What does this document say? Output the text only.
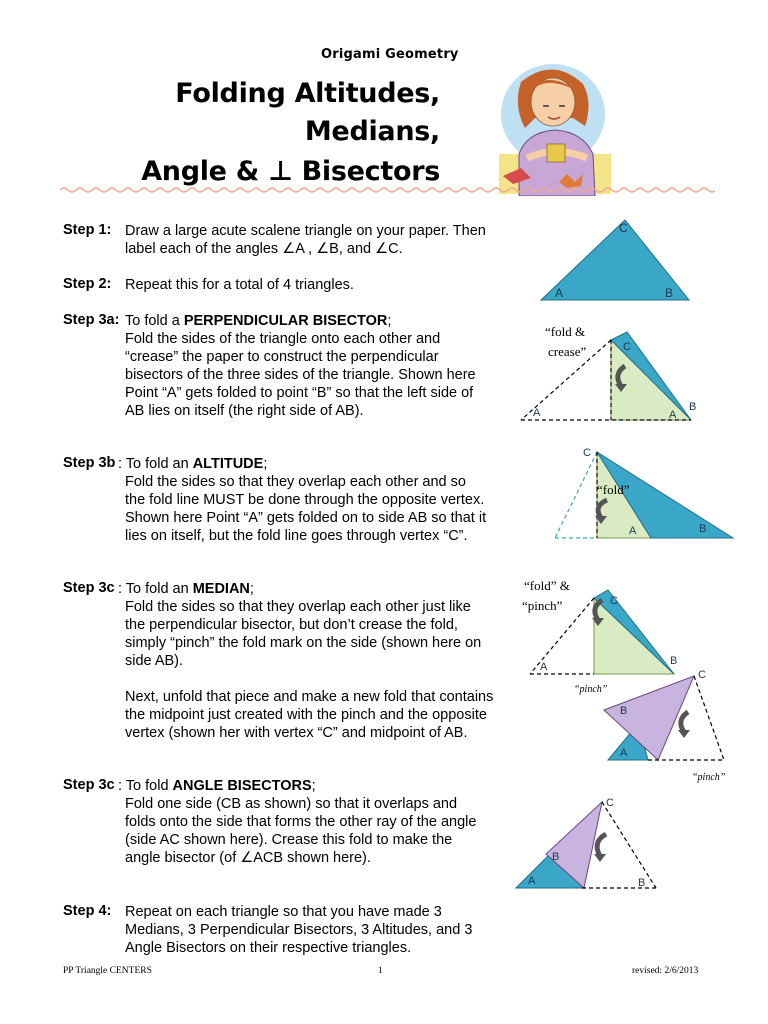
Origami Geometry
Folding Altitudes,
Medians,
Angle & ⊥ Bisectors
Step 1: Draw a large acute scalene triangle on your paper. Then
label each of the angles ∠A , ∠B, and ∠C.
Step 2: Repeat this for a total of 4 triangles.
Step 3a: To fold a PERPENDICULAR BISECTOR;
Fold the sides of the triangle onto each other and
“crease” the paper to construct the perpendicular
bisectors of the three sides of the triangle. Shown here
Point “A” gets folded to point “B” so that the left side of
AB lies on itself (the right side of AB).
Step 3b : To fold an ALTITUDE;
Fold the sides so that they overlap each other and so
the fold line MUST be done through the opposite vertex.
Shown here Point “A” gets folded on to side AB so that it
lies on itself, but the fold line goes through vertex “C”.
Step 3c : To fold an MEDIAN;
Fold the sides so that they overlap each other just like
the perpendicular bisector, but don’t crease the fold,
simply “pinch” the fold mark on the side (shown here on
side AB).
Next, unfold that piece and make a new fold that contains
the midpoint just created with the pinch and the opposite
vertex (shown her with vertex “C” and midpoint of AB.
Step 3c : To fold ANGLE BISECTORS;
Fold one side (CB as shown) so that it overlaps and
folds onto the side that forms the other ray of the angle
(side AC shown here). Crease this fold to make the
angle bisector (of ∠ACB shown here).
Step 4: Repeat on each triangle so that you have made 3
Medians, 3 Perpendicular Bisectors, 3 Altitudes, and 3
Angle Bisectors on their respective triangles.
C
A	B
“fold &
crease”	C
A	A
B
“fold”
C
A	B
“fold” &
“pinch”	C
A	B
“pinch”
C
B
A
“pinch”
C
B
A	B
PP Triangle CENTERS	1	revised: 2/6/2013
